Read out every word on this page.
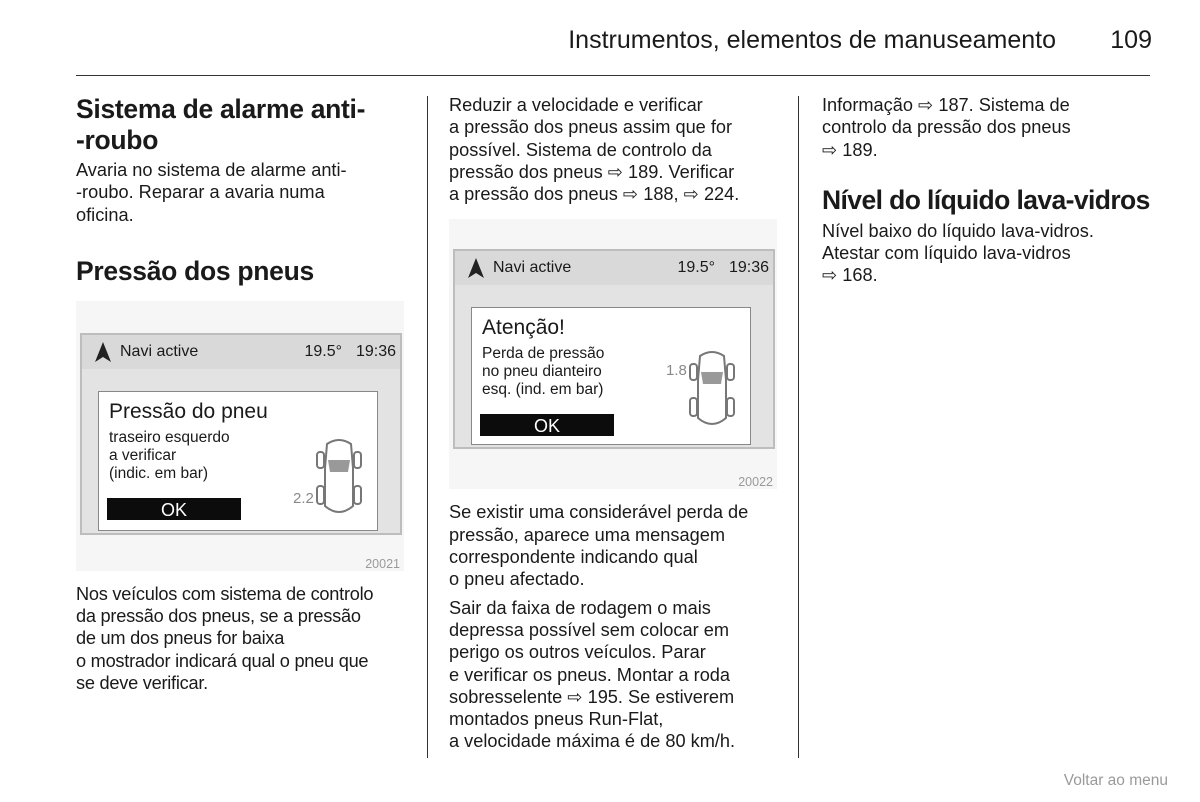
Instrumentos, elementos de manuseamento	109
Sistema de alarme anti-
-roubo

Avaria no sistema de alarme anti-
-roubo. Reparar a avaria numa
oficina.

Pressão dos pneus
Navi active	19.5° 19:36
Pressão do pneu
traseiro esquerdo
a verificar
(indic. em bar)
2.2
OK
20021

Nos veículos com sistema de controlo
da pressão dos pneus, se a pressão
de um dos pneus for baixa
o mostrador indicará qual o pneu que
se deve verificar.

Reduzir a velocidade e verificar
a pressão dos pneus assim que for
possível. Sistema de controlo da
pressão dos pneus ⇨ 189. Verificar
a pressão dos pneus ⇨ 188, ⇨ 224.

Navi active	19.5° 19:36
Atenção!
Perda de pressão
no pneu dianteiro
esq. (ind. em bar)
1.8
OK
20022

Se existir uma considerável perda de
pressão, aparece uma mensagem
correspondente indicando qual
o pneu afectado.

Sair da faixa de rodagem o mais
depressa possível sem colocar em
perigo os outros veículos. Parar
e verificar os pneus. Montar a roda
sobresselente ⇨ 195. Se estiverem
montados pneus Run-Flat,
a velocidade máxima é de 80 km/h.

Informação ⇨ 187. Sistema de
controlo da pressão dos pneus
⇨ 189.

Nível do líquido lava-vidros

Nível baixo do líquido lava-vidros.
Atestar com líquido lava-vidros
⇨ 168.

Voltar ao menu
